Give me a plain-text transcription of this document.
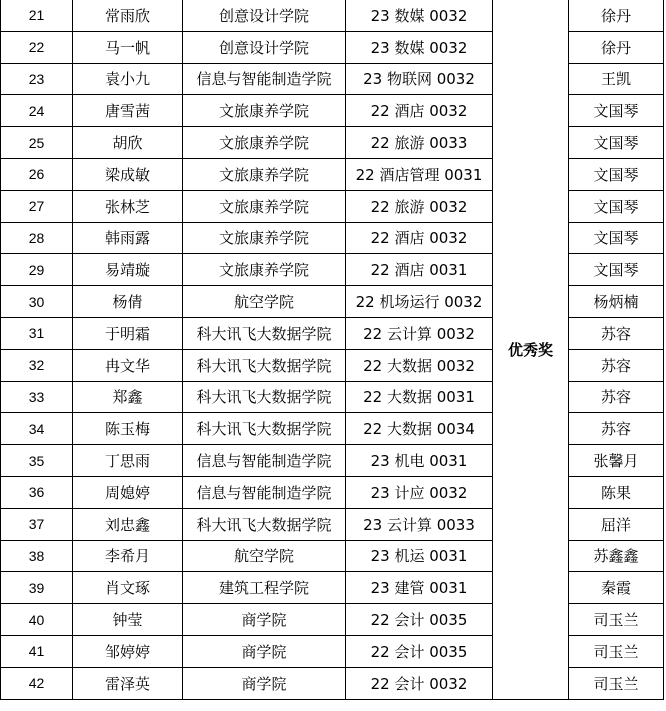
21	常雨欣	创意设计学院	23 数媒 0032	优秀奖	徐丹
22	马一帆	创意设计学院	23 数媒 0032		徐丹
23	袁小九	信息与智能制造学院	23 物联网 0032		王凯
24	唐雪茜	文旅康养学院	22 酒店 0032		文国琴
25	胡欣	文旅康养学院	22 旅游 0033		文国琴
26	梁成敏	文旅康养学院	22 酒店管理 0031		文国琴
27	张林芝	文旅康养学院	22 旅游 0032		文国琴
28	韩雨露	文旅康养学院	22 酒店 0032		文国琴
29	易靖璇	文旅康养学院	22 酒店 0031		文国琴
30	杨倩	航空学院	22 机场运行 0032		杨炳楠
31	于明霜	科大讯飞大数据学院	22 云计算 0032		苏容
32	冉文华	科大讯飞大数据学院	22 大数据 0032		苏容
33	郑鑫	科大讯飞大数据学院	22 大数据 0031		苏容
34	陈玉梅	科大讯飞大数据学院	22 大数据 0034		苏容
35	丁思雨	信息与智能制造学院	23 机电 0031		张馨月
36	周媳婷	信息与智能制造学院	23 计应 0032		陈果
37	刘忠鑫	科大讯飞大数据学院	23 云计算 0033		屈洋
38	李希月	航空学院	23 机运 0031		苏鑫鑫
39	肖文琢	建筑工程学院	23 建管 0031		秦霞
40	钟莹	商学院	22 会计 0035		司玉兰
41	邹婷婷	商学院	22 会计 0035		司玉兰
42	雷泽英	商学院	22 会计 0032		司玉兰
